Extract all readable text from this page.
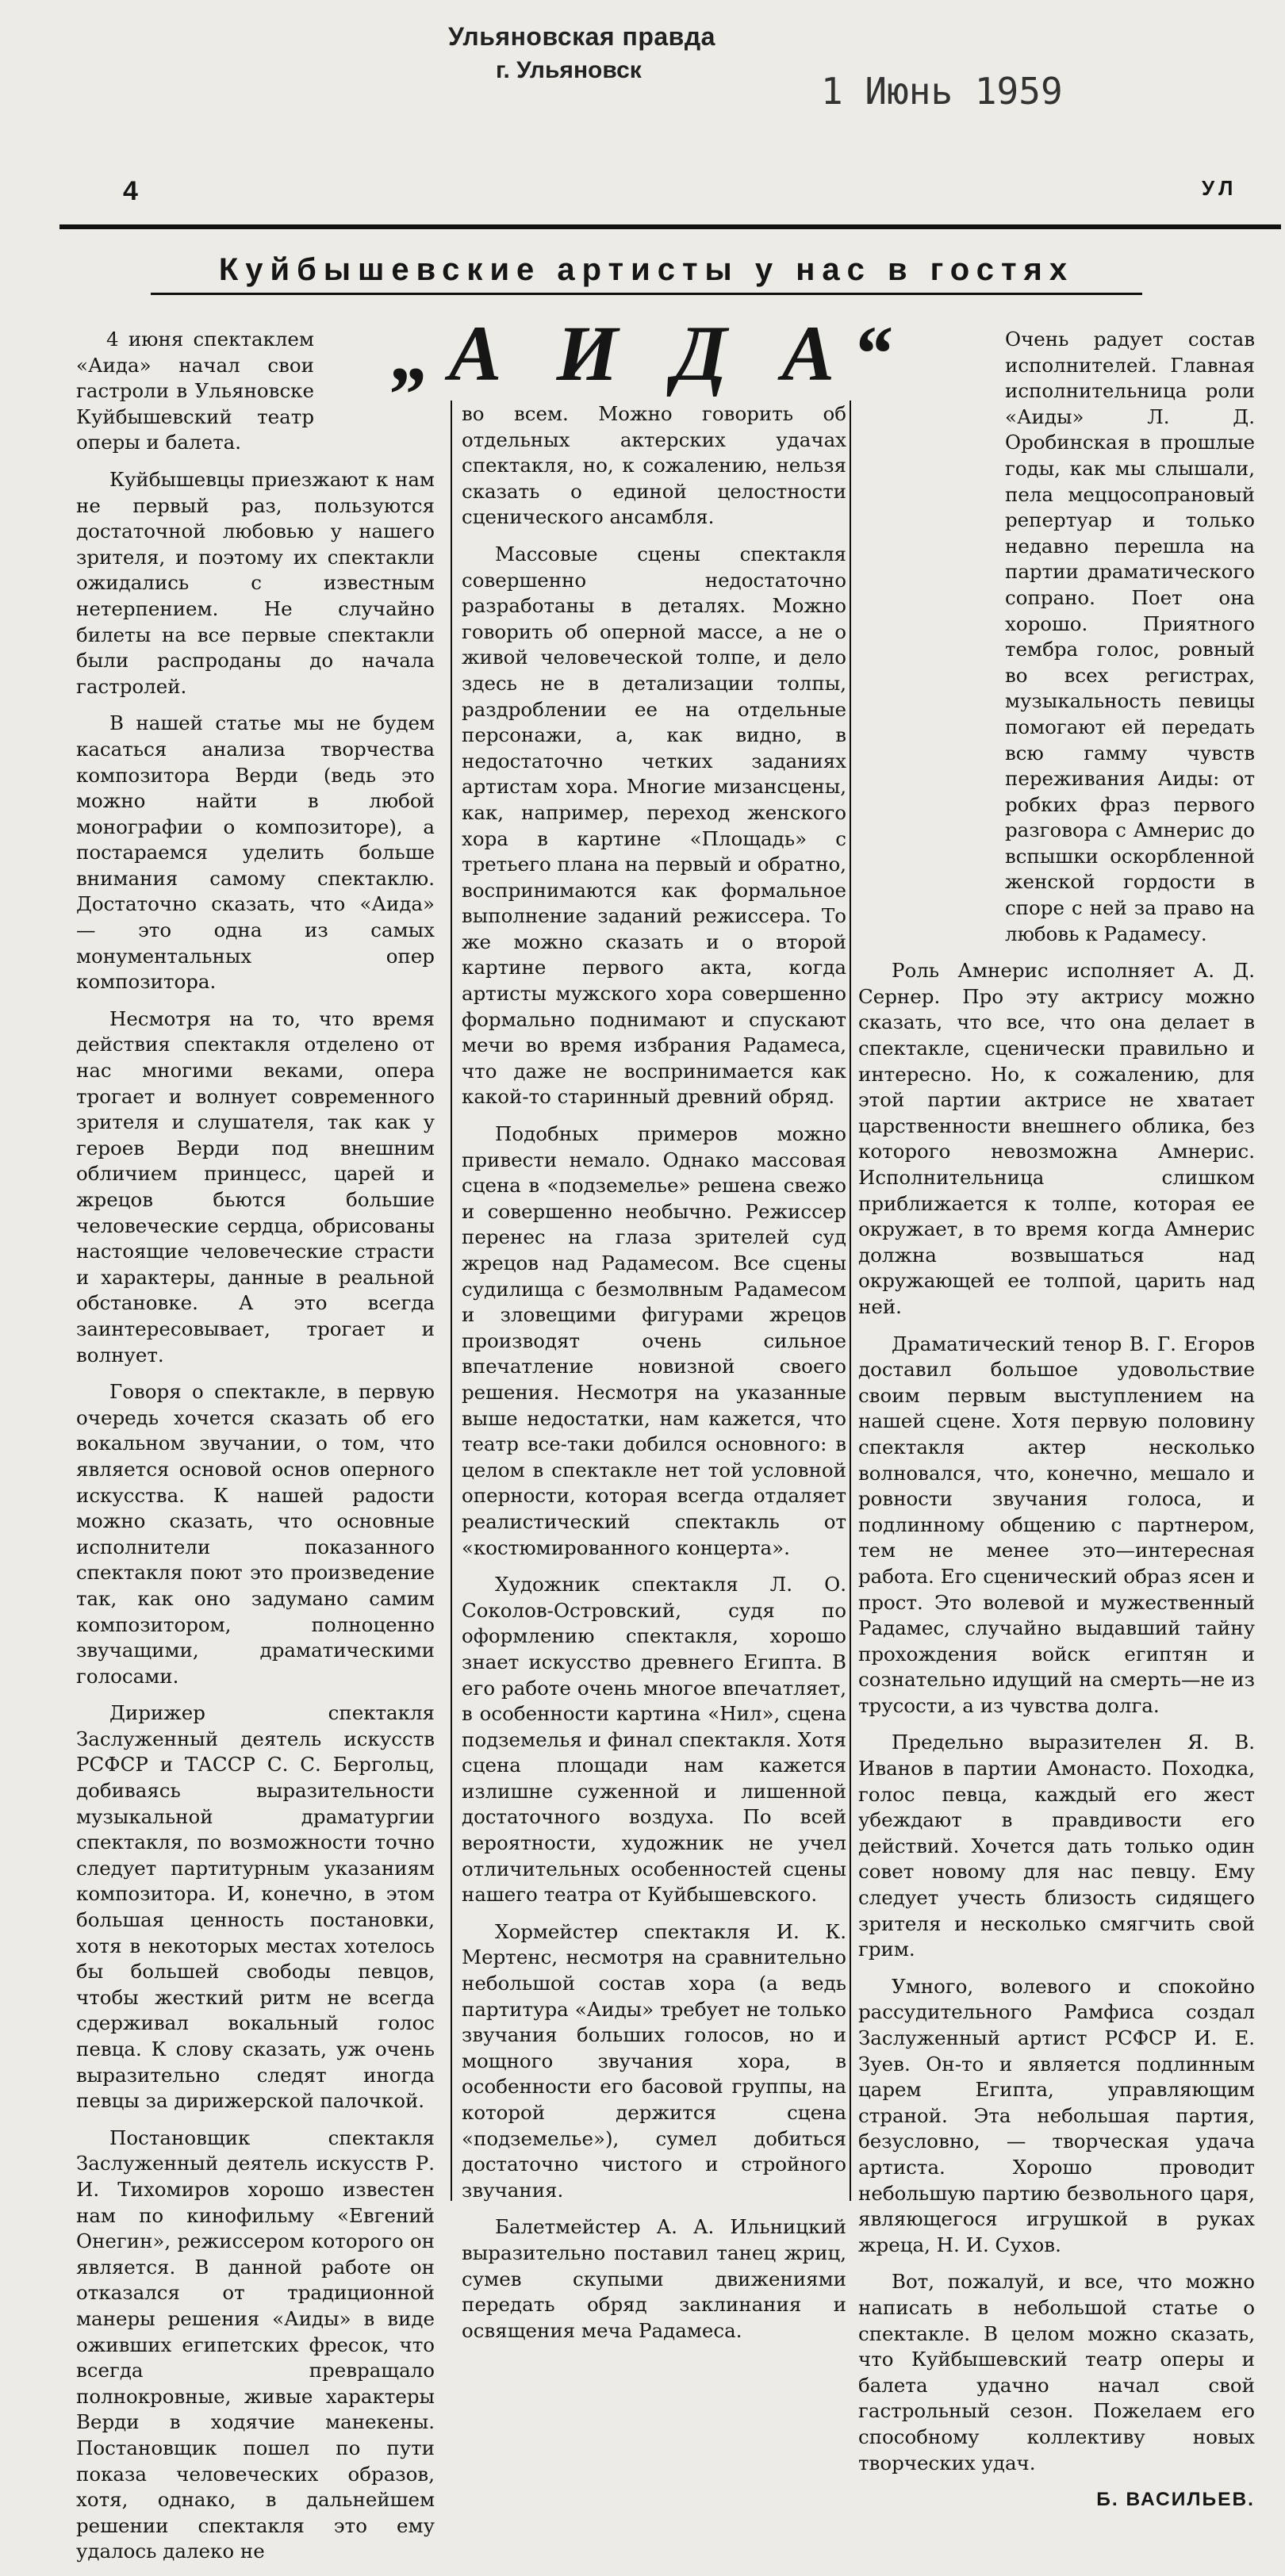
Ульяновская правда
г. Ульяновск	1 Июнь 1959
4	УЛ
Куйбышевские артисты у нас в гостях
„А И Д А“

4 июня спектаклем «Аида» начал свои гастроли в Ульяновске Куйбышевский театр оперы и балета.

Куйбышевцы приезжают к нам не первый раз, пользуются достаточной любовью у нашего зрителя, и поэтому их спектакли ожидались с известным нетерпением. Не случайно билеты на все первые спектакли были распроданы до начала гастролей.

В нашей статье мы не будем касаться анализа творчества композитора Верди (ведь это можно найти в любой монографии о композиторе), а постараемся уделить больше внимания самому спектаклю. Достаточно сказать, что «Аида» — это одна из самых монументальных опер композитора.

Несмотря на то, что время действия спектакля отделено от нас многими веками, опера трогает и волнует современного зрителя и слушателя, так как у героев Верди под внешним обличием принцесс, царей и жрецов бьются большие человеческие сердца, обрисованы настоящие человеческие страсти и характеры, данные в реальной обстановке. А это всегда заинтересовывает, трогает и волнует.

Говоря о спектакле, в первую очередь хочется сказать об его вокальном звучании, о том, что является основой основ оперного искусства. К нашей радости можно сказать, что основные исполнители показанного спектакля поют это произведение так, как оно задумано самим композитором, полноценно звучащими, драматическими голосами.

Дирижер спектакля Заслуженный деятель искусств РСФСР и ТАССР С. С. Бергольц, добиваясь выразительности музыкальной драматургии спектакля, по возможности точно следует партитурным указаниям композитора. И, конечно, в этом большая ценность постановки, хотя в некоторых местах хотелось бы большей свободы певцов, чтобы жесткий ритм не всегда сдерживал вокальный голос певца. К слову сказать, уж очень выразительно следят иногда певцы за дирижерской палочкой.

Постановщик спектакля Заслуженный деятель искусств Р. И. Тихомиров хорошо известен нам по кинофильму «Евгений Онегин», режиссером которого он является. В данной работе он отказался от традиционной манеры решения «Аиды» в виде оживших египетских фресок, что всегда превращало полнокровные, живые характеры Верди в ходячие манекены. Постановщик пошел по пути показа человеческих образов, хотя, однако, в дальнейшем решении спектакля это ему удалось далеко не

во всем. Можно говорить об отдельных актерских удачах спектакля, но, к сожалению, нельзя сказать о единой целостности сценического ансамбля.

Массовые сцены спектакля совершенно недостаточно разработаны в деталях. Можно говорить об оперной массе, а не о живой человеческой толпе, и дело здесь не в детализации толпы, раздроблении ее на отдельные персонажи, а, как видно, в недостаточно четких заданиях артистам хора. Многие мизансцены, как, например, переход женского хора в картине «Площадь» с третьего плана на первый и обратно, воспринимаются как формальное выполнение заданий режиссера. То же можно сказать и о второй картине первого акта, когда артисты мужского хора совершенно формально поднимают и спускают мечи во время избрания Радамеса, что даже не воспринимается как какой-то старинный древний обряд.

Подобных примеров можно привести немало. Однако массовая сцена в «подземелье» решена свежо и совершенно необычно. Режиссер перенес на глаза зрителей суд жрецов над Радамесом. Все сцены судилища с безмолвным Радамесом и зловещими фигурами жрецов производят очень сильное впечатление новизной своего решения. Несмотря на указанные выше недостатки, нам кажется, что театр все-таки добился основного: в целом в спектакле нет той условной оперности, которая всегда отдаляет реалистический спектакль от «костюмированного концерта».

Художник спектакля Л. О. Соколов-Островский, судя по оформлению спектакля, хорошо знает искусство древнего Египта. В его работе очень многое впечатляет, в особенности картина «Нил», сцена подземелья и финал спектакля. Хотя сцена площади нам кажется излишне суженной и лишенной достаточного воздуха. По всей вероятности, художник не учел отличительных особенностей сцены нашего театра от Куйбышевского.

Хормейстер спектакля И. К. Мертенс, несмотря на сравнительно небольшой состав хора (а ведь партитура «Аиды» требует не только звучания больших голосов, но и мощного звучания хора, в особенности его басовой группы, на которой держится сцена «подземелье»), сумел добиться достаточно чистого и стройного звучания.

Балетмейстер А. А. Ильницкий выразительно поставил танец жриц, сумев скупыми движениями передать обряд заклинания и освящения меча Радамеса.

Очень радует состав исполнителей. Главная исполнительница роли «Аиды» Л. Д. Оробинская в прошлые годы, как мы слышали, пела меццосопрановый репертуар и только недавно перешла на партии драматического сопрано. Поет она хорошо. Приятного тембра голос, ровный во всех регистрах, музыкальность певицы помогают ей передать всю гамму чувств переживания Аиды: от робких фраз первого разговора с Амнерис до вспышки оскорбленной женской гордости в споре с ней за право на любовь к Радамесу.

Роль Амнерис исполняет А. Д. Сернер. Про эту актрису можно сказать, что все, что она делает в спектакле, сценически правильно и интересно. Но, к сожалению, для этой партии актрисе не хватает царственности внешнего облика, без которого невозможна Амнерис. Исполнительница слишком приближается к толпе, которая ее окружает, в то время когда Амнерис должна возвышаться над окружающей ее толпой, царить над ней.

Драматический тенор В. Г. Егоров доставил большое удовольствие своим первым выступлением на нашей сцене. Хотя первую половину спектакля актер несколько волновался, что, конечно, мешало и ровности звучания голоса, и подлинному общению с партнером, тем не менее это—интересная работа. Его сценический образ ясен и прост. Это волевой и мужественный Радамес, случайно выдавший тайну прохождения войск египтян и сознательно идущий на смерть—не из трусости, а из чувства долга.

Предельно выразителен Я. В. Иванов в партии Амонасто. Походка, голос певца, каждый его жест убеждают в правдивости его действий. Хочется дать только один совет новому для нас певцу. Ему следует учесть близость сидящего зрителя и несколько смягчить свой грим.

Умного, волевого и спокойно рассудительного Рамфиса создал Заслуженный артист РСФСР И. Е. Зуев. Он-то и является подлинным царем Египта, управляющим страной. Эта небольшая партия, безусловно, — творческая удача артиста. Хорошо проводит небольшую партию безвольного царя, являющегося игрушкой в руках жреца, Н. И. Сухов.

Вот, пожалуй, и все, что можно написать в небольшой статье о спектакле. В целом можно сказать, что Куйбышевский театр оперы и балета удачно начал свой гастрольный сезон. Пожелаем его способному коллективу новых творческих удач.

Б. ВАСИЛЬЕВ.
